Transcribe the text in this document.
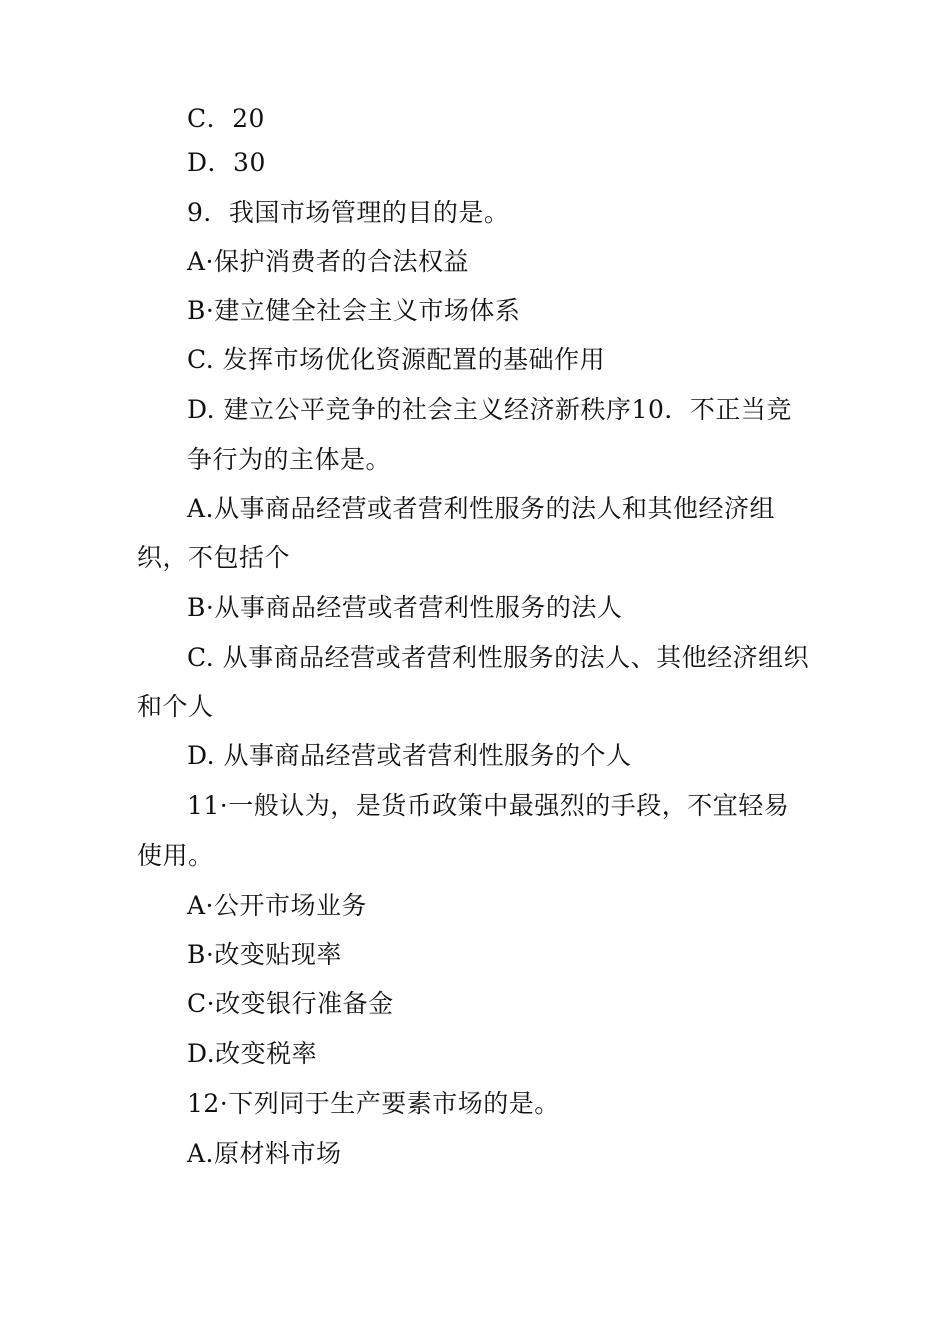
C．20
D．30
9．我国市场管理的目的是。
A·保护消费者的合法权益
B·建立健全社会主义市场体系
C. 发挥市场优化资源配置的基础作用
D. 建立公平竞争的社会主义经济新秩序10．不正当竞
争行为的主体是。
A.从事商品经营或者营利性服务的法人和其他经济组
织，不包括个
B·从事商品经营或者营利性服务的法人
C. 从事商品经营或者营利性服务的法人、其他经济组织
和个人
D. 从事商品经营或者营利性服务的个人
11·一般认为，是货币政策中最强烈的手段，不宜轻易
使用。
A·公开市场业务
B·改变贴现率
C·改变银行准备金
D.改变税率
12·下列同于生产要素市场的是。
A.原材料市场
